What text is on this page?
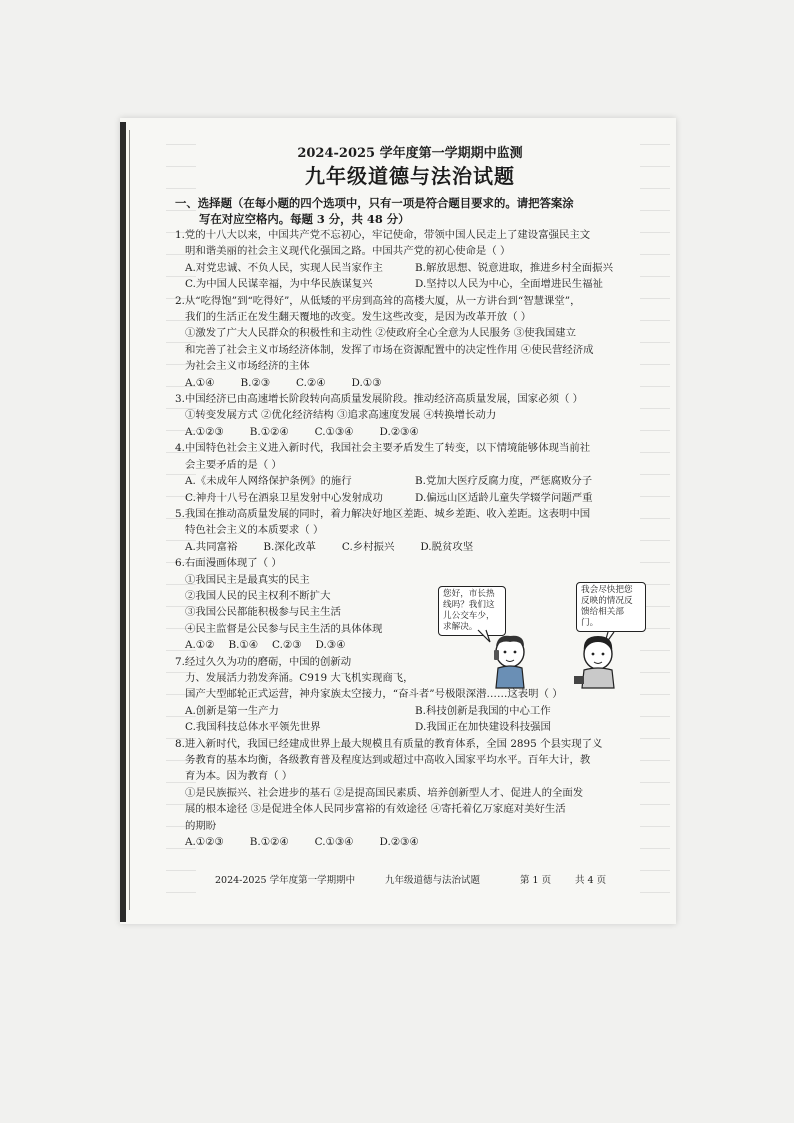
2024-2025 学年度第一学期期中监测
九年级道德与法治试题
一、选择题（在每小题的四个选项中，只有一项是符合题目要求的。请把答案涂
写在对应空格内。每题 3 分，共 48 分）
1.党的十八大以来，中国共产党不忘初心，牢记使命，带领中国人民走上了建设富强民主文
明和谐美丽的社会主义现代化强国之路。中国共产党的初心使命是（ ）
A.对党忠诚、不负人民，实现人民当家作主	B.解放思想、锐意进取，推进乡村全面振兴
C.为中国人民谋幸福，为中华民族谋复兴	D.坚持以人民为中心，全面增进民生福祉
2.从“吃得饱”到“吃得好”，从低矮的平房到高耸的高楼大厦，从一方讲台到“智慧课堂”，
我们的生活正在发生翻天覆地的改变。发生这些改变，是因为改革开放（ ）
①激发了广大人民群众的积极性和主动性 ②使政府全心全意为人民服务 ③使我国建立
和完善了社会主义市场经济体制，发挥了市场在资源配置中的决定性作用 ④使民营经济成
为社会主义市场经济的主体
A.①④	B.②③	C.②④	D.①③
3.中国经济已由高速增长阶段转向高质量发展阶段。推动经济高质量发展，国家必须（ ）
①转变发展方式 ②优化经济结构 ③追求高速度发展 ④转换增长动力
A.①②③	B.①②④	C.①③④	D.②③④
4.中国特色社会主义进入新时代，我国社会主要矛盾发生了转变，以下情境能够体现当前社
会主要矛盾的是（ ）
A.《未成年人网络保护条例》的施行	B.党加大医疗反腐力度，严惩腐败分子
C.神舟十八号在酒泉卫星发射中心发射成功	D.偏远山区适龄儿童失学辍学问题严重
5.我国在推动高质量发展的同时，着力解决好地区差距、城乡差距、收入差距。这表明中国
特色社会主义的本质要求（ ）
A.共同富裕	B.深化改革	C.乡村振兴	D.脱贫攻坚
6.右面漫画体现了（ ）
①我国民主是最真实的民主
②我国人民的民主权利不断扩大
③我国公民都能积极参与民主生活
④民主监督是公民参与民主生活的具体体现
A.①② B.①④ C.②③ D.③④
7.经过久久为功的磨砺，中国的创新动
力、发展活力勃发奔涌。C919 大飞机实现商飞，
国产大型邮轮正式运营，神舟家族太空接力，“奋斗者”号极限深潜……这表明（ ）
A.创新是第一生产力	B.科技创新是我国的中心工作
C.我国科技总体水平领先世界	D.我国正在加快建设科技强国
8.进入新时代，我国已经建成世界上最大规模且有质量的教育体系，全国 2895 个县实现了义
务教育的基本均衡，各级教育普及程度达到或超过中高收入国家平均水平。百年大计，教
育为本。因为教育（ ）
①是民族振兴、社会进步的基石 ②是提高国民素质、培养创新型人才、促进人的全面发
展的根本途径 ③是促进全体人民同步富裕的有效途径 ④寄托着亿万家庭对美好生活
的期盼
A.①②③	B.①②④	C.①③④	D.②③④
您好，市长热线吗？我们这儿公交车少，求解决。
我会尽快把您反映的情况反馈给相关部门。
2024-2025 学年度第一学期期中	九年级道德与法治试题	第 1 页	共 4 页
